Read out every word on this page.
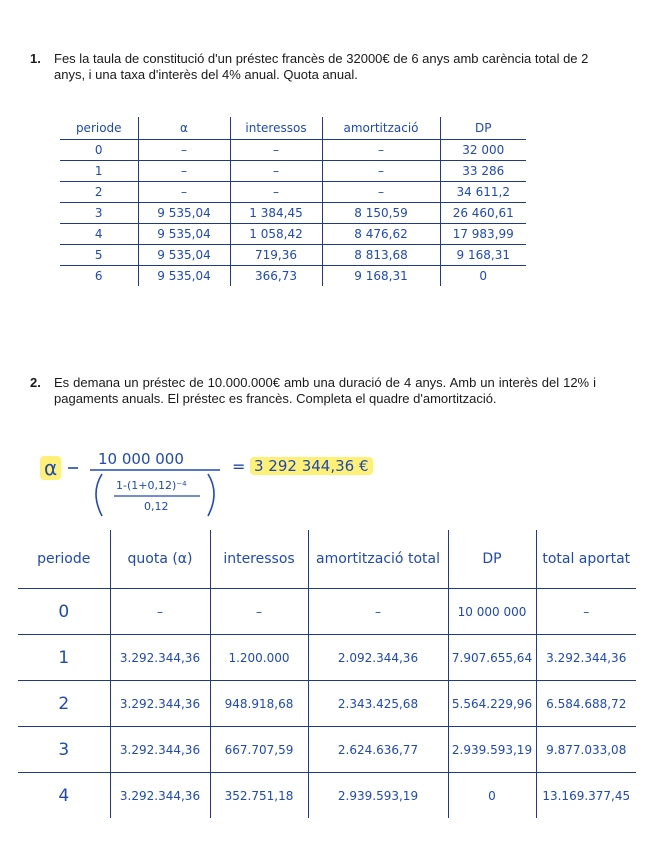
1. Fes la taula de constitució d'un préstec francès de 32000€ de 6 anys amb carència total de 2 anys, i una taxa d'interès del 4% anual. Quota anual.
periode	α	interessos	amortització	DP
0	–	–	–	32 000
1	–	–	–	33 286
2	–	–	–	34 611,2
3	9 535,04	1 384,45	8 150,59	26 460,61
4	9 535,04	1 058,42	8 476,62	17 983,99
5	9 535,04	719,36	8 813,68	9 168,31
6	9 535,04	366,73	9 168,31	0
2. Es demana un préstec de 10.000.000€ amb una duració de 4 anys. Amb un interès del 12% i pagaments anuals. El préstec es francès. Completa el quadre d'amortització.
α	10 000 000
1-(1+0,12)⁻⁴
0,12
= 3 292 344,36 €
periode	quota (α)	interessos	amortització total	DP	total aportat
0	–	–	–	10 000 000	–
1	3.292.344,36	1.200.000	2.092.344,36	7.907.655,64	3.292.344,36
2	3.292.344,36	948.918,68	2.343.425,68	5.564.229,96	6.584.688,72
3	3.292.344,36	667.707,59	2.624.636,77	2.939.593,19	9.877.033,08
4	3.292.344,36	352.751,18	2.939.593,19	0	13.169.377,45
